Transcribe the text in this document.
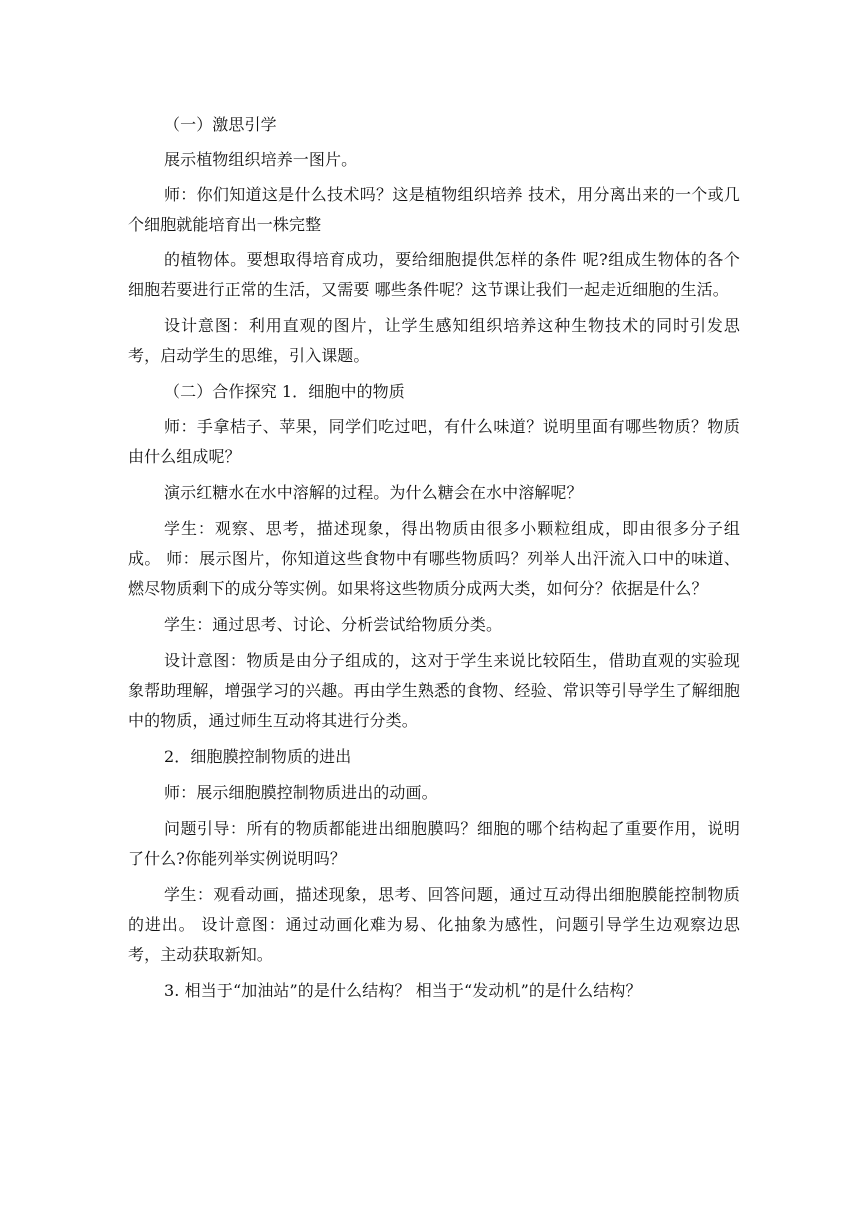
（一）激思引学

展示植物组织培养一图片。

师：你们知道这是什么技术吗？这是植物组织培养 技术，用分离出来的一个或几个细胞就能培育出一株完整

的植物体。要想取得培育成功，要给细胞提供怎样的条件 呢?组成生物体的各个细胞若要进行正常的生活，又需要 哪些条件呢？这节课让我们一起走近细胞的生活。

设计意图：利用直观的图片，让学生感知组织培养这种生物技术的同时引发思考，启动学生的思维，引入课题。

（二）合作探究 1．细胞中的物质

师：手拿桔子、苹果，同学们吃过吧，有什么味道？说明里面有哪些物质？物质由什么组成呢？

演示红糖水在水中溶解的过程。为什么糖会在水中溶解呢？

学生：观察、思考，描述现象，得出物质由很多小颗粒组成，即由很多分子组成。 师：展示图片，你知道这些食物中有哪些物质吗？列举人出汗流入口中的味道、燃尽物质剩下的成分等实例。如果将这些物质分成两大类，如何分？依据是什么？

学生：通过思考、讨论、分析尝试给物质分类。

设计意图：物质是由分子组成的，这对于学生来说比较陌生，借助直观的实验现象帮助理解，增强学习的兴趣。再由学生熟悉的食物、经验、常识等引导学生了解细胞中的物质，通过师生互动将其进行分类。

2．细胞膜控制物质的进出

师：展示细胞膜控制物质进出的动画。

问题引导：所有的物质都能进出细胞膜吗？细胞的哪个结构起了重要作用，说明了什么?你能列举实例说明吗？

学生：观看动画，描述现象，思考、回答问题，通过互动得出细胞膜能控制物质的进出。 设计意图：通过动画化难为易、化抽象为感性，问题引导学生边观察边思考，主动获取新知。

3. 相当于“加油站”的是什么结构？ 相当于“发动机”的是什么结构？
